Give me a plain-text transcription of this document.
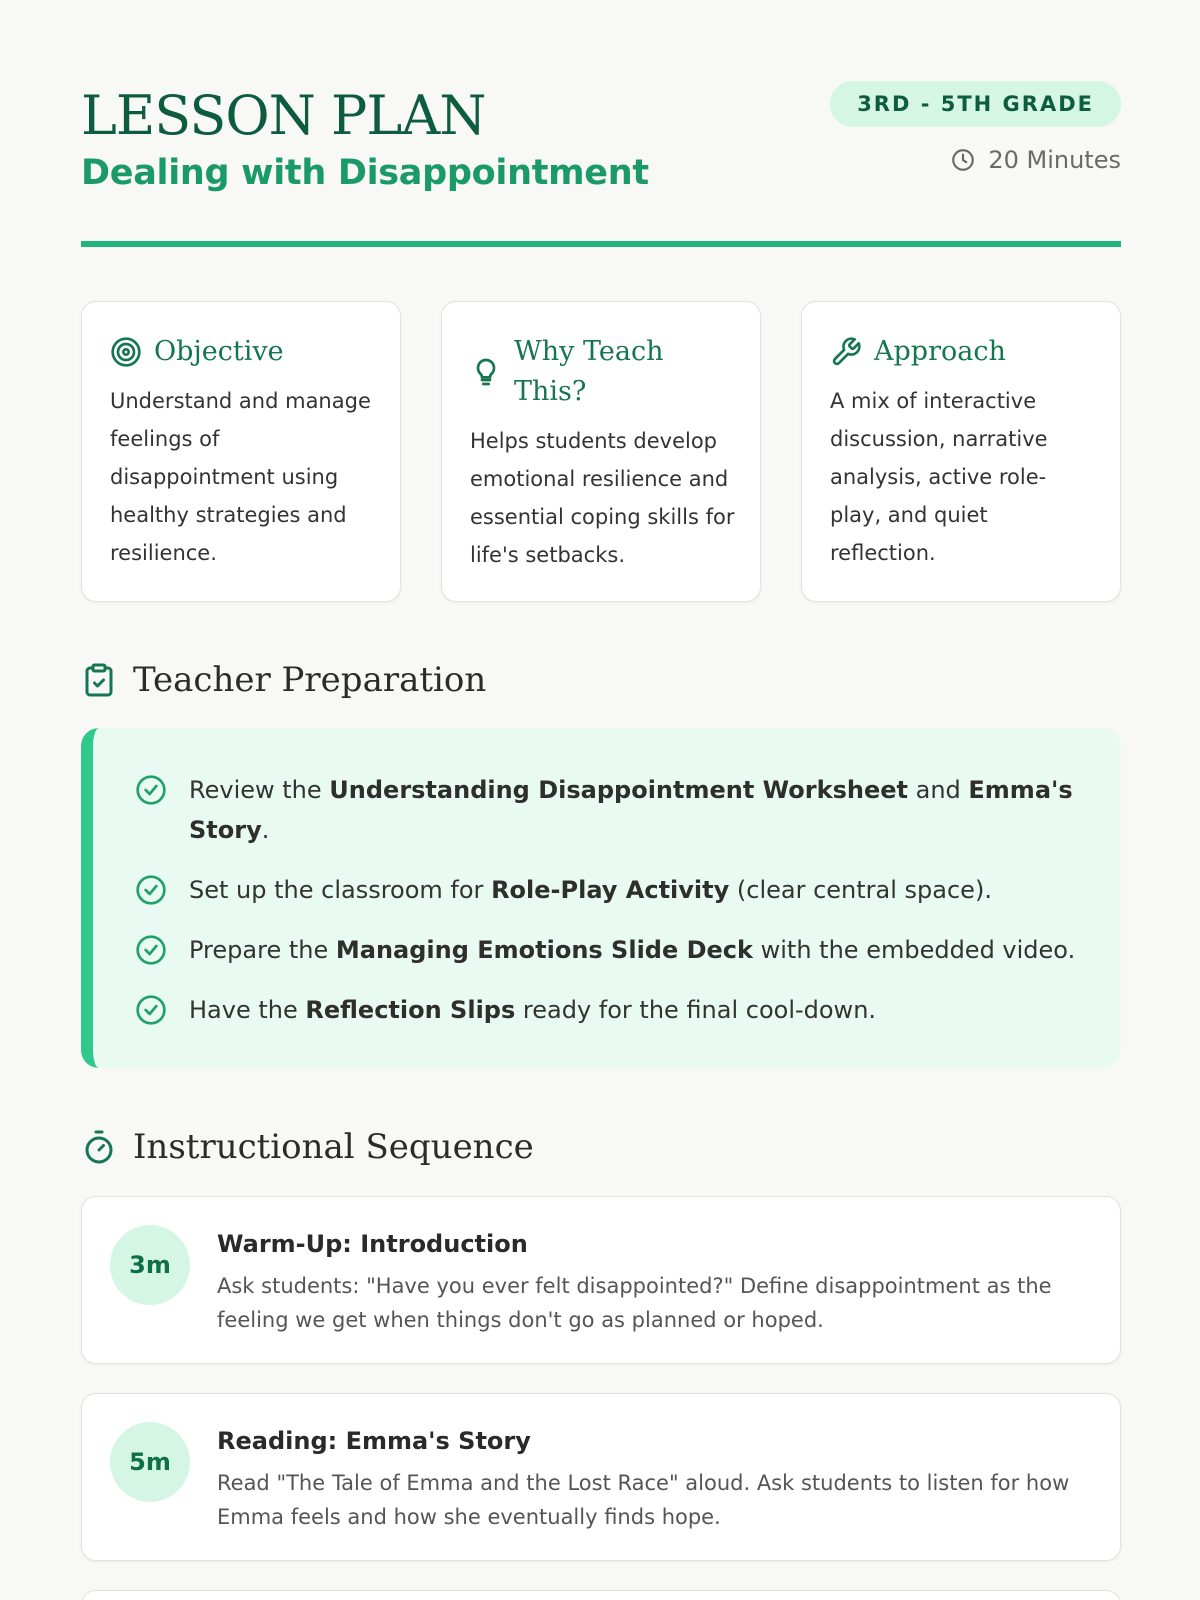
LESSON PLAN
Dealing with Disappointment
3RD - 5TH GRADE
20 Minutes
Objective
Understand and manage feelings of disappointment using healthy strategies and resilience.
Why Teach This?
Helps students develop emotional resilience and essential coping skills for life's setbacks.
Approach
A mix of interactive discussion, narrative analysis, active role-play, and quiet reflection.
Teacher Preparation
Review the Understanding Disappointment Worksheet and Emma's Story.
Set up the classroom for Role-Play Activity (clear central space).
Prepare the Managing Emotions Slide Deck with the embedded video.
Have the Reflection Slips ready for the final cool-down.
Instructional Sequence
3m
Warm-Up: Introduction
Ask students: "Have you ever felt disappointed?" Define disappointment as the feeling we get when things don't go as planned or hoped.
5m
Reading: Emma's Story
Read "The Tale of Emma and the Lost Race" aloud. Ask students to listen for how Emma feels and how she eventually finds hope.
